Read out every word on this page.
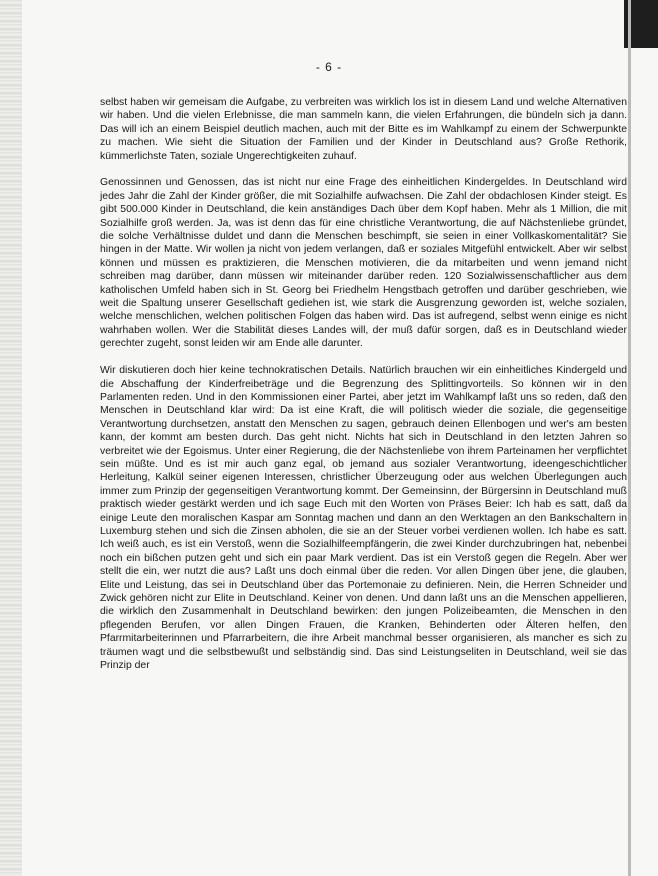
- 6 -

selbst haben wir gemeisam die Aufgabe, zu verbreiten was wirklich los ist in diesem Land und welche Alternativen wir haben. Und die vielen Erlebnisse, die man sammeln kann, die vielen Erfahrungen, die bündeln sich ja dann. Das will ich an einem Beispiel deutlich machen, auch mit der Bitte es im Wahlkampf zu einem der Schwerpunkte zu machen. Wie sieht die Situation der Familien und der Kinder in Deutschland aus? Große Rethorik, kümmerlichste Taten, soziale Ungerechtigkeiten zuhauf.

Genossinnen und Genossen, das ist nicht nur eine Frage des einheitlichen Kindergeldes. In Deutschland wird jedes Jahr die Zahl der Kinder größer, die mit Sozialhilfe aufwachsen. Die Zahl der obdachlosen Kinder steigt. Es gibt 500.000 Kinder in Deutschland, die kein anständiges Dach über dem Kopf haben. Mehr als 1 Million, die mit Sozialhilfe groß werden. Ja, was ist denn das für eine christliche Verantwortung, die auf Nächstenliebe gründet, die solche Verhältnisse duldet und dann die Menschen beschimpft, sie seien in einer Vollkaskomentalität? Sie hingen in der Matte. Wir wollen ja nicht von jedem verlangen, daß er soziales Mitgefühl entwickelt. Aber wir selbst können und müssen es praktizieren, die Menschen motivieren, die da mitarbeiten und wenn jemand nicht schreiben mag darüber, dann müssen wir miteinander darüber reden. 120 Sozialwissenschaftlicher aus dem katholischen Umfeld haben sich in St. Georg bei Friedhelm Hengstbach getroffen und darüber geschrieben, wie weit die Spaltung unserer Gesellschaft gediehen ist, wie stark die Ausgrenzung geworden ist, welche sozialen, welche menschlichen, welchen politischen Folgen das haben wird. Das ist aufregend, selbst wenn einige es nicht wahrhaben wollen. Wer die Stabilität dieses Landes will, der muß dafür sorgen, daß es in Deutschland wieder gerechter zugeht, sonst leiden wir am Ende alle darunter.

Wir diskutieren doch hier keine technokratischen Details. Natürlich brauchen wir ein einheitliches Kindergeld und die Abschaffung der Kinderfreibeträge und die Begrenzung des Splittingvorteils. So können wir in den Parlamenten reden. Und in den Kommissionen einer Partei, aber jetzt im Wahlkampf laßt uns so reden, daß den Menschen in Deutschland klar wird: Da ist eine Kraft, die will politisch wieder die soziale, die gegenseitige Verantwortung durchsetzen, anstatt den Menschen zu sagen, gebrauch deinen Ellenbogen und wer's am besten kann, der kommt am besten durch. Das geht nicht. Nichts hat sich in Deutschland in den letzten Jahren so verbreitet wie der Egoismus. Unter einer Regierung, die der Nächstenliebe von ihrem Parteinamen her verpflichtet sein müßte. Und es ist mir auch ganz egal, ob jemand aus sozialer Verantwortung, ideengeschichtlicher Herleitung, Kalkül seiner eigenen Interessen, christlicher Überzeugung oder aus welchen Überlegungen auch immer zum Prinzip der gegenseitigen Verantwortung kommt. Der Gemeinsinn, der Bürgersinn in Deutschland muß praktisch wieder gestärkt werden und ich sage Euch mit den Worten von Präses Beier: Ich hab es satt, daß da einige Leute den moralischen Kaspar am Sonntag machen und dann an den Werktagen an den Bankschaltern in Luxemburg stehen und sich die Zinsen abholen, die sie an der Steuer vorbei verdienen wollen. Ich habe es satt. Ich weiß auch, es ist ein Verstoß, wenn die Sozialhilfeempfängerin, die zwei Kinder durchzubringen hat, nebenbei noch ein bißchen putzen geht und sich ein paar Mark verdient. Das ist ein Verstoß gegen die Regeln. Aber wer stellt die ein, wer nutzt die aus? Laßt uns doch einmal über die reden. Vor allen Dingen über jene, die glauben, Elite und Leistung, das sei in Deutschland über das Portemonaie zu definieren. Nein, die Herren Schneider und Zwick gehören nicht zur Elite in Deutschland. Keiner von denen. Und dann laßt uns an die Menschen appellieren, die wirklich den Zusammenhalt in Deutschland bewirken: den jungen Polizeibeamten, die Menschen in den pflegenden Berufen, vor allen Dingen Frauen, die Kranken, Behinderten oder Älteren helfen, den Pfarrmitarbeiterinnen und Pfarrarbeitern, die ihre Arbeit manchmal besser organisieren, als mancher es sich zu träumen wagt und die selbstbewußt und selbständig sind. Das sind Leistungseliten in Deutschland, weil sie das Prinzip der
